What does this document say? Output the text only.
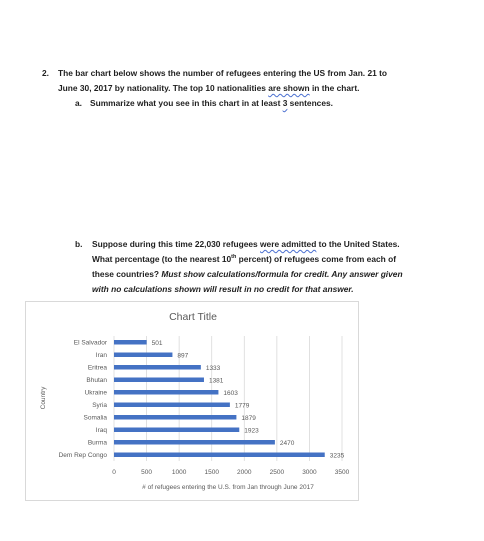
2. The bar chart below shows the number of refugees entering the US from Jan. 21 to
June 30, 2017 by nationality. The top 10 nationalities are shown in the chart.
a. Summarize what you see in this chart in at least 3 sentences.
b. Suppose during this time 22,030 refugees were admitted to the United States.
What percentage (to the nearest 10th percent) of refugees come from each of
these countries? Must show calculations/formula for credit. Any answer given
with no calculations shown will result in no credit for that answer.
Chart Title
0	500	1000	1500	2000	2500	3000	3500
El Salvador	501
Iran	897
Eritrea	1333
Bhutan	1381
Ukraine	1603
Syria	1779
Somalia	1879
Iraq	1923
Burma	2470
Dem Rep Congo	3235
# of refugees entering the U.S. from Jan through June 2017
Country
